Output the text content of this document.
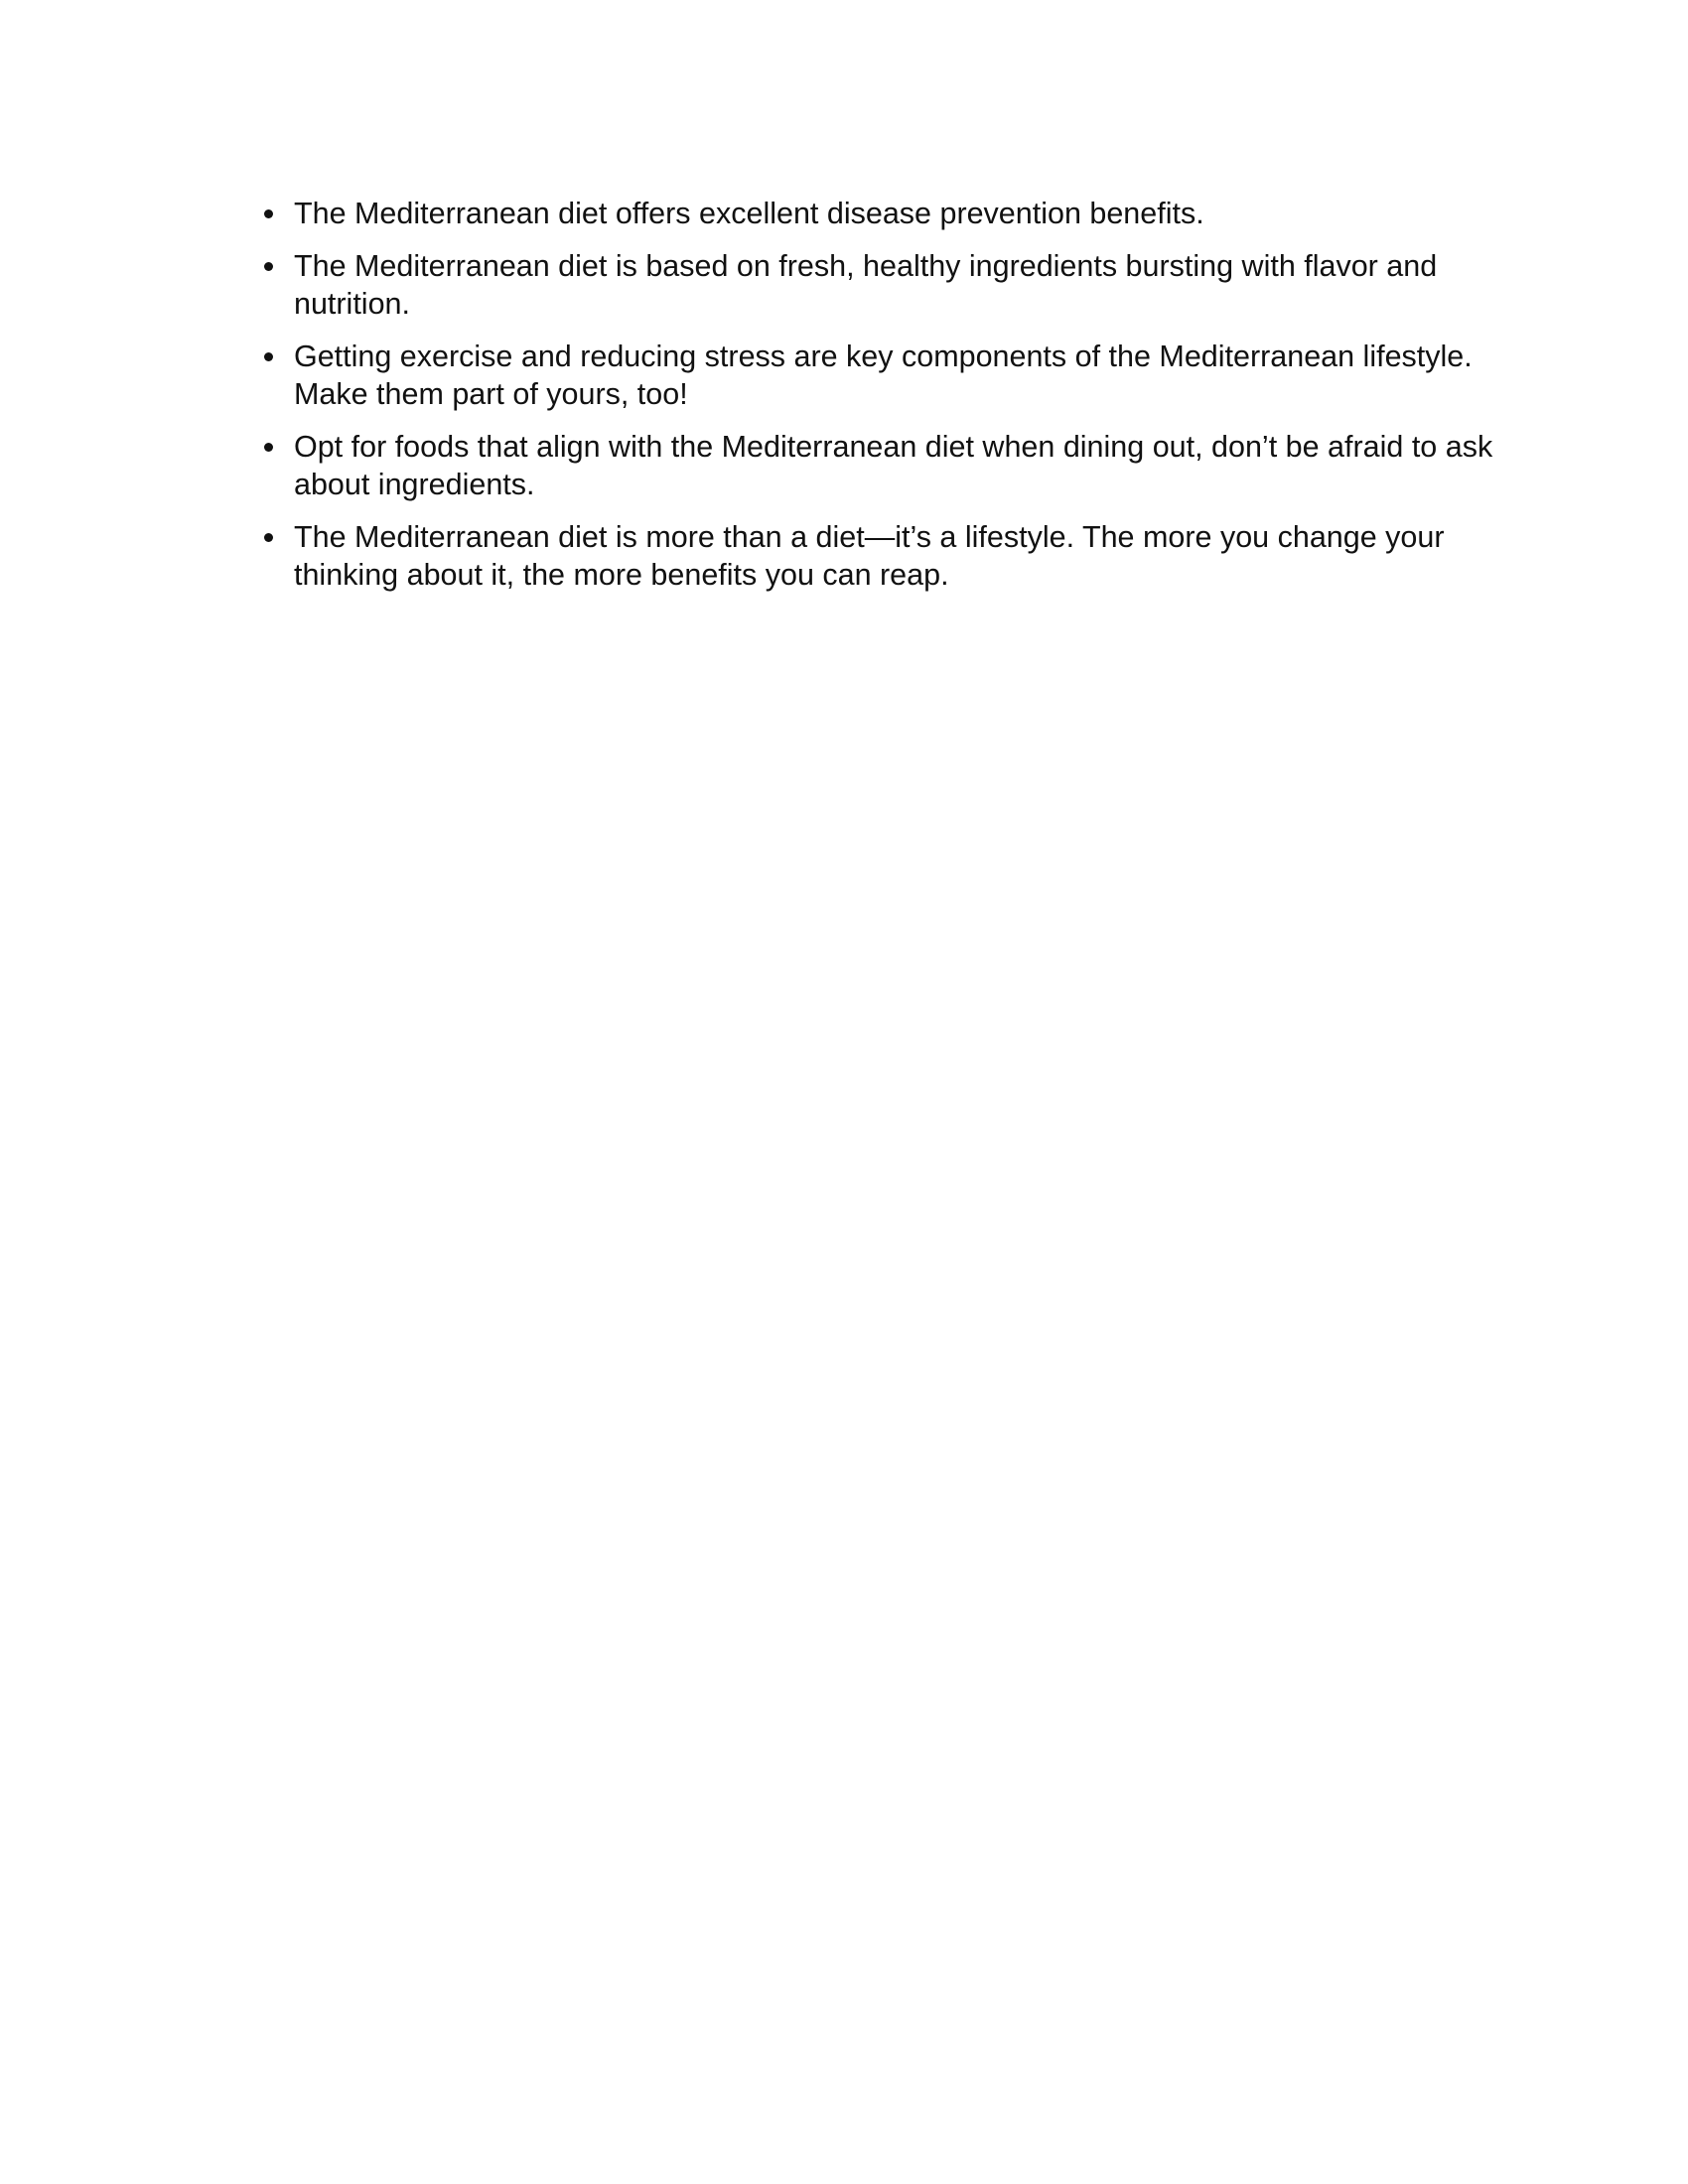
The Mediterranean diet offers excellent disease prevention benefits.
The Mediterranean diet is based on fresh, healthy ingredients bursting with flavor and nutrition.
Getting exercise and reducing stress are key components of the Mediterranean lifestyle. Make them part of yours, too!
Opt for foods that align with the Mediterranean diet when dining out, don’t be afraid to ask about ingredients.
The Mediterranean diet is more than a diet—it’s a lifestyle. The more you change your thinking about it, the more benefits you can reap.
